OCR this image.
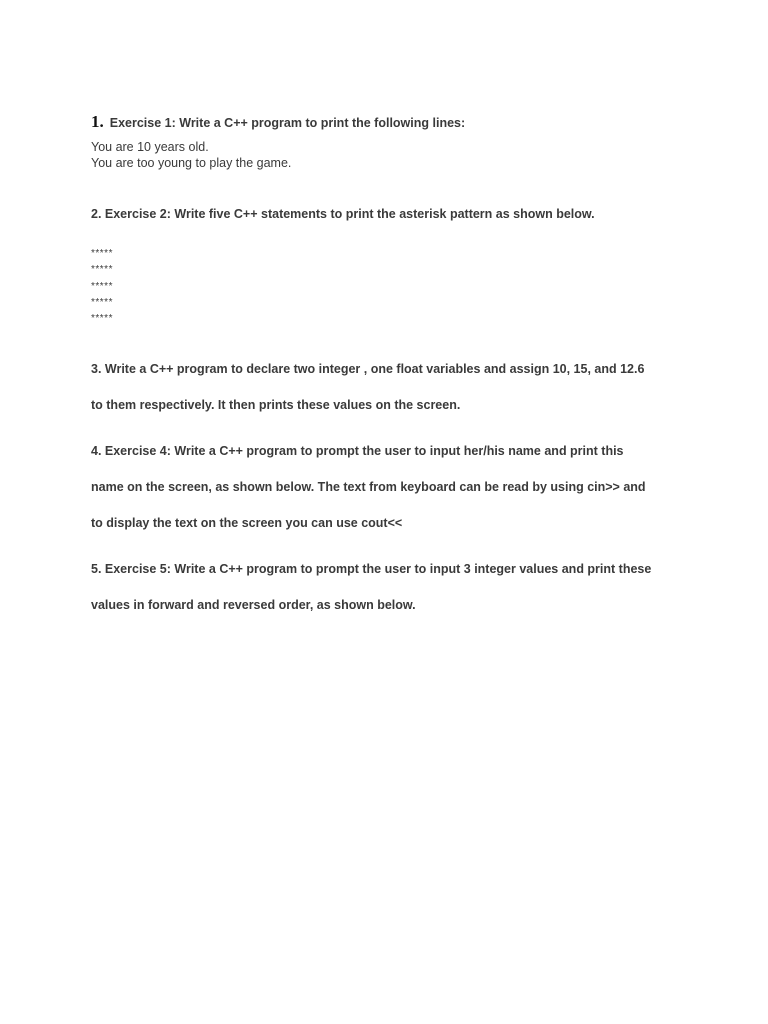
1. Exercise 1: Write a C++ program to print the following lines:
You are 10 years old.
You are too young to play the game.
2. Exercise 2: Write five C++ statements to print the asterisk pattern as shown below.
*****
*****
*****
*****
*****
3. Write a C++ program to declare two integer , one float variables and assign 10, 15, and 12.6
to them respectively. It then prints these values on the screen.
4. Exercise 4: Write a C++ program to prompt the user to input her/his name and print this
name on the screen, as shown below. The text from keyboard can be read by using cin>> and
to display the text on the screen you can use cout<<
5. Exercise 5: Write a C++ program to prompt the user to input 3 integer values and print these
values in forward and reversed order, as shown below.
